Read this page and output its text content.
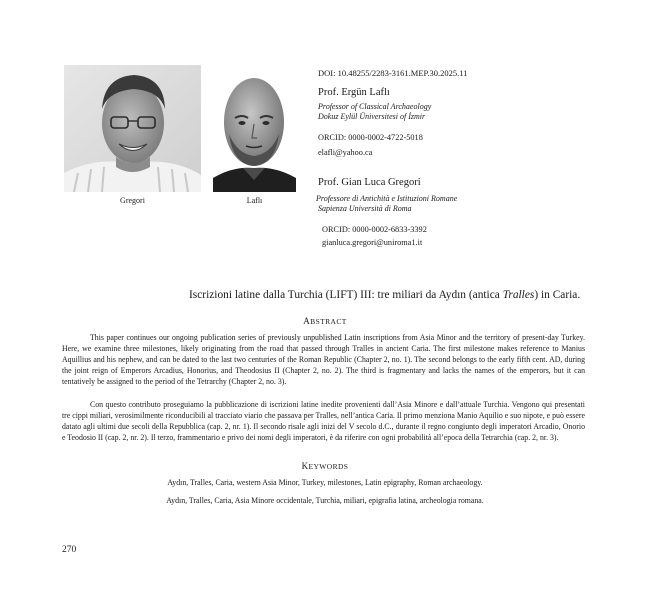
Gregori	Laflı
DOI: 10.48255/2283-3161.MEP.30.2025.11
Prof. Ergün Laflı
Professor of Classical Archaeology
Dokuz Eylül Üniversitesi of İzmir
ORCID: 0000-0002-4722-5018
elafli@yahoo.ca
Prof. Gian Luca Gregori
Professore di Antichità e Istituzioni Romane
Sapienza Università di Roma
ORCID: 0000-0002-6833-3392
gianluca.gregori@uniroma1.it
Iscrizioni latine dalla Turchia (LIFT) III: tre miliari da Aydın (antica Tralles) in Caria.
ABSTRACT

This paper continues our ongoing publication series of previously unpublished Latin inscriptions from Asia Minor and the territory of present-day Turkey. Here, we examine three milestones, likely originating from the road that passed through Tralles in ancient Caria. The first milestone makes reference to Manius Aquillius and his nephew, and can be dated to the last two centuries of the Roman Republic (Chapter 2, no. 1). The second belongs to the early fifth cent. AD, during the joint reign of Emperors Arcadius, Honorius, and Theodosius II (Chapter 2, no. 2). The third is fragmentary and lacks the names of the emperors, but it can tentatively be assigned to the period of the Tetrarchy (Chapter 2, no. 3).

Con questo contributo proseguiamo la pubblicazione di iscrizioni latine inedite provenienti dall’Asia Minore e dall’attuale Turchia. Vengono qui presentati tre cippi miliari, verosimilmente riconducibili al tracciato viario che passava per Tralles, nell’antica Caria. Il primo menziona Manio Aquilio e suo nipote, e può essere datato agli ultimi due secoli della Repubblica (cap. 2, nr. 1). Il secondo risale agli inizi del V secolo d.C., durante il regno congiunto degli imperatori Arcadio, Onorio e Teodosio II (cap. 2, nr. 2). Il terzo, frammentario e privo dei nomi degli imperatori, è da riferire con ogni probabilità all’epoca della Tetrarchia (cap. 2, nr. 3).

KEYWORDS
Aydın, Tralles, Caria, western Asia Minor, Turkey, milestones, Latin epigraphy, Roman archaeology.
Aydın, Tralles, Caria, Asia Minore occidentale, Turchia, miliari, epigrafia latina, archeologia romana.
270
